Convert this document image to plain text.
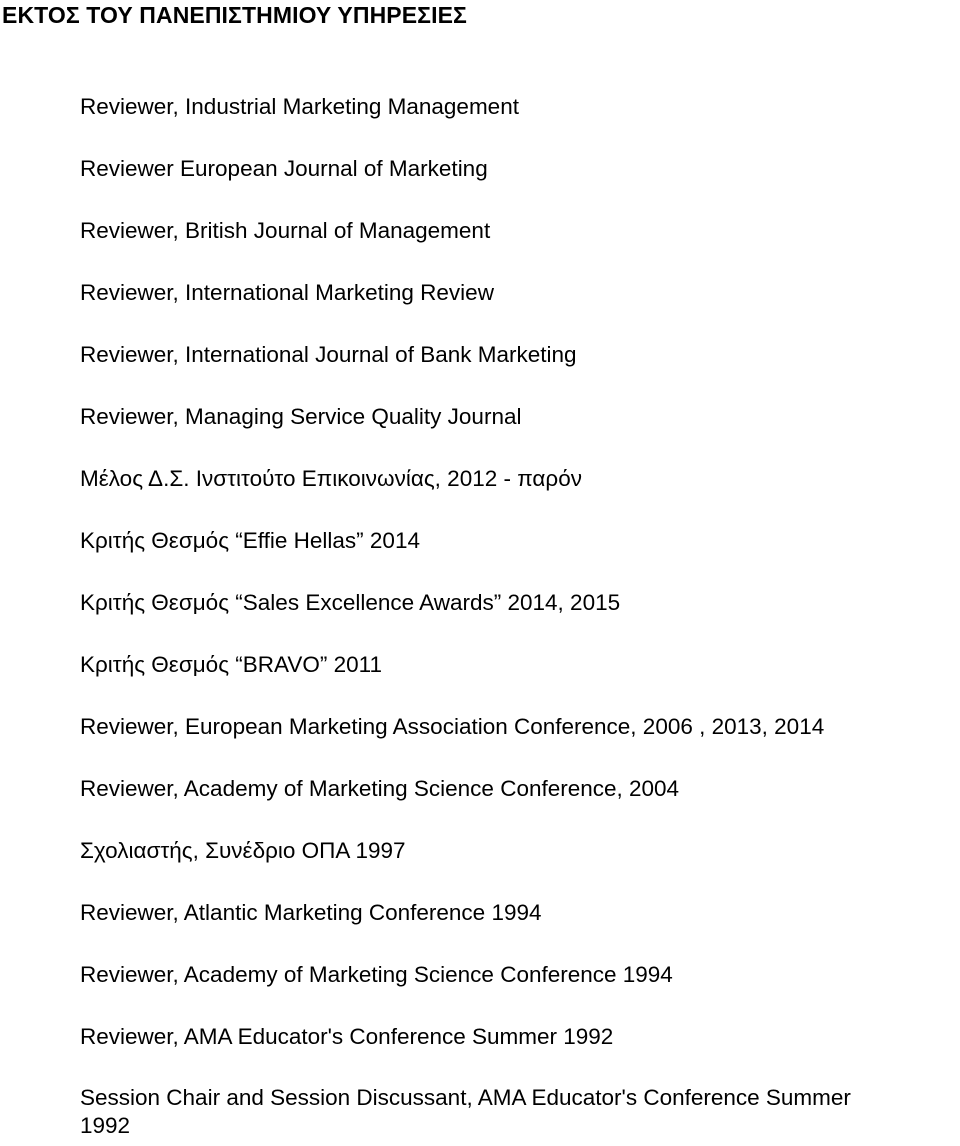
ΕΚΤΟΣ ΤΟΥ ΠΑΝΕΠΙΣΤΗΜΙΟΥ ΥΠΗΡΕΣΙΕΣ
Reviewer, Industrial Marketing Management
Reviewer European Journal of Marketing
Reviewer, British Journal of Management
Reviewer, International Marketing Review
Reviewer, International Journal of Bank Marketing
Reviewer, Managing Service Quality Journal
Μέλος Δ.Σ. Ινστιτούτο Επικοινωνίας, 2012 - παρόν
Κριτής Θεσμός “Effie Hellas” 2014
Κριτής Θεσμός “Sales Excellence Awards” 2014, 2015
Κριτής Θεσμός “BRAVO” 2011
Reviewer, European Marketing Association Conference, 2006 , 2013, 2014
Reviewer, Academy of Marketing Science Conference, 2004
Σχολιαστής, Συνέδριο ΟΠΑ 1997
Reviewer, Atlantic Marketing Conference 1994
Reviewer, Academy of Marketing Science Conference 1994
Reviewer, AMA Educator's Conference Summer 1992
Session Chair and Session Discussant, AMA Educator's Conference Summer 1992
